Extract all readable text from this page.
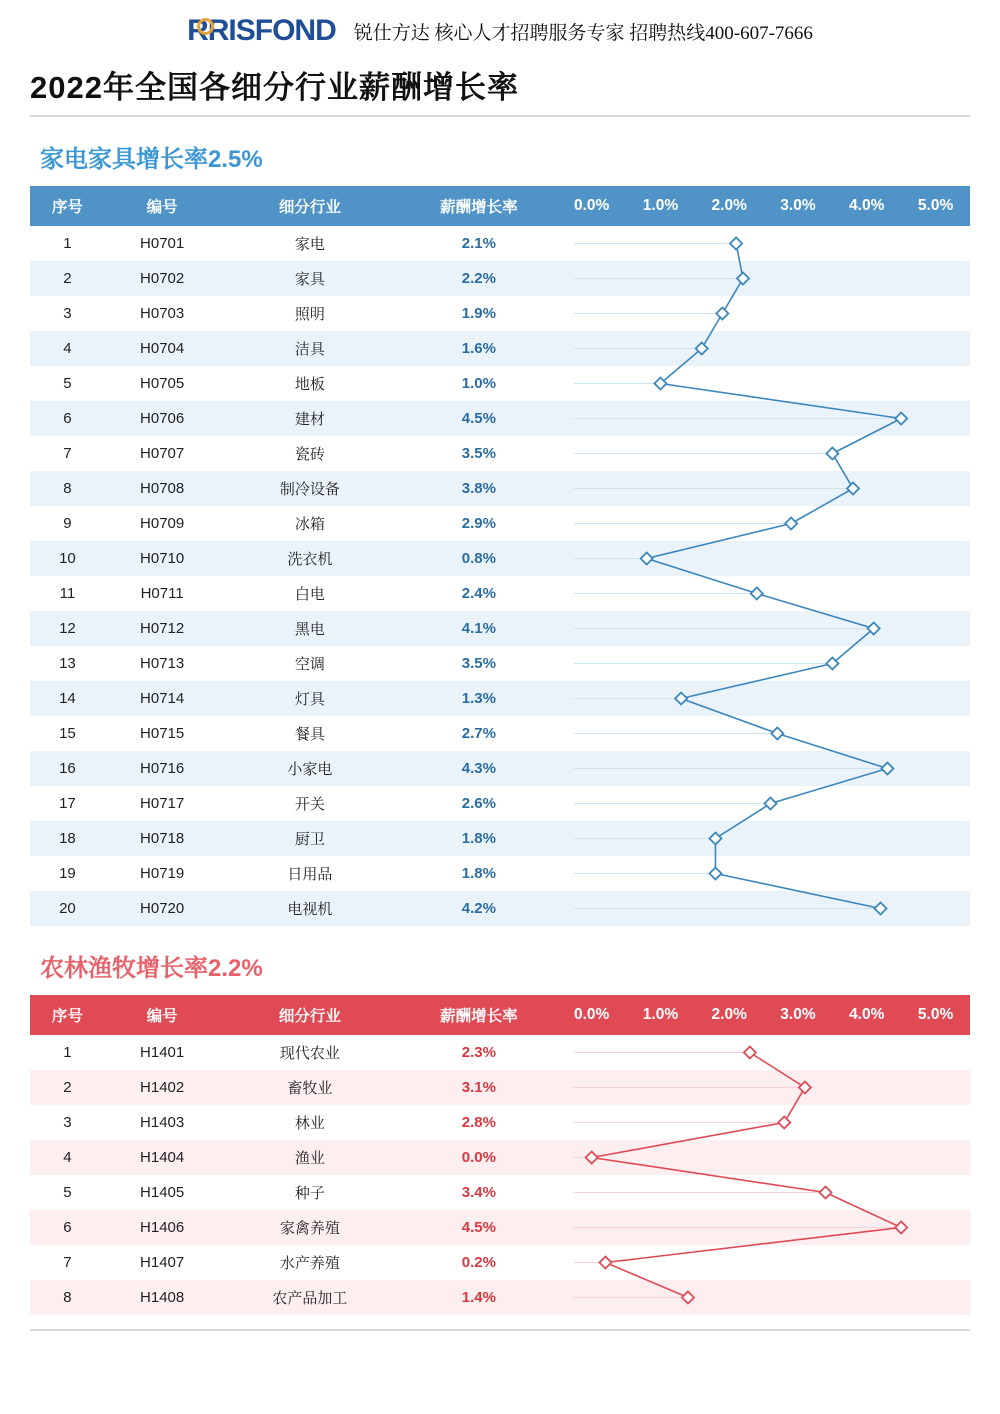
R RISFOND 锐仕方达 核心人才招聘服务专家 招聘热线400-607-7666
2022年全国各细分行业薪酬增长率
家电家具增长率2.5%
序号	编号	细分行业	薪酬增长率	0.0%	1.0%	2.0%	3.0%	4.0%	5.0%
1	H0701	家电	2.1%						
2	H0702	家具	2.2%						
3	H0703	照明	1.9%						
4	H0704	洁具	1.6%						
5	H0705	地板	1.0%						
6	H0706	建材	4.5%						
7	H0707	瓷砖	3.5%						
8	H0708	制冷设备	3.8%						
9	H0709	冰箱	2.9%						
10	H0710	洗衣机	0.8%						
11	H0711	白电	2.4%						
12	H0712	黑电	4.1%						
13	H0713	空调	3.5%						
14	H0714	灯具	1.3%						
15	H0715	餐具	2.7%						
16	H0716	小家电	4.3%						
17	H0717	开关	2.6%						
18	H0718	厨卫	1.8%						
19	H0719	日用品	1.8%						
20	H0720	电视机	4.2%						
农林渔牧增长率2.2%
序号	编号	细分行业	薪酬增长率	0.0%	1.0%	2.0%	3.0%	4.0%	5.0%
1	H1401	现代农业	2.3%						
2	H1402	畜牧业	3.1%						
3	H1403	林业	2.8%						
4	H1404	渔业	0.0%						
5	H1405	种子	3.4%						
6	H1406	家禽养殖	4.5%						
7	H1407	水产养殖	0.2%						
8	H1408	农产品加工	1.4%						
